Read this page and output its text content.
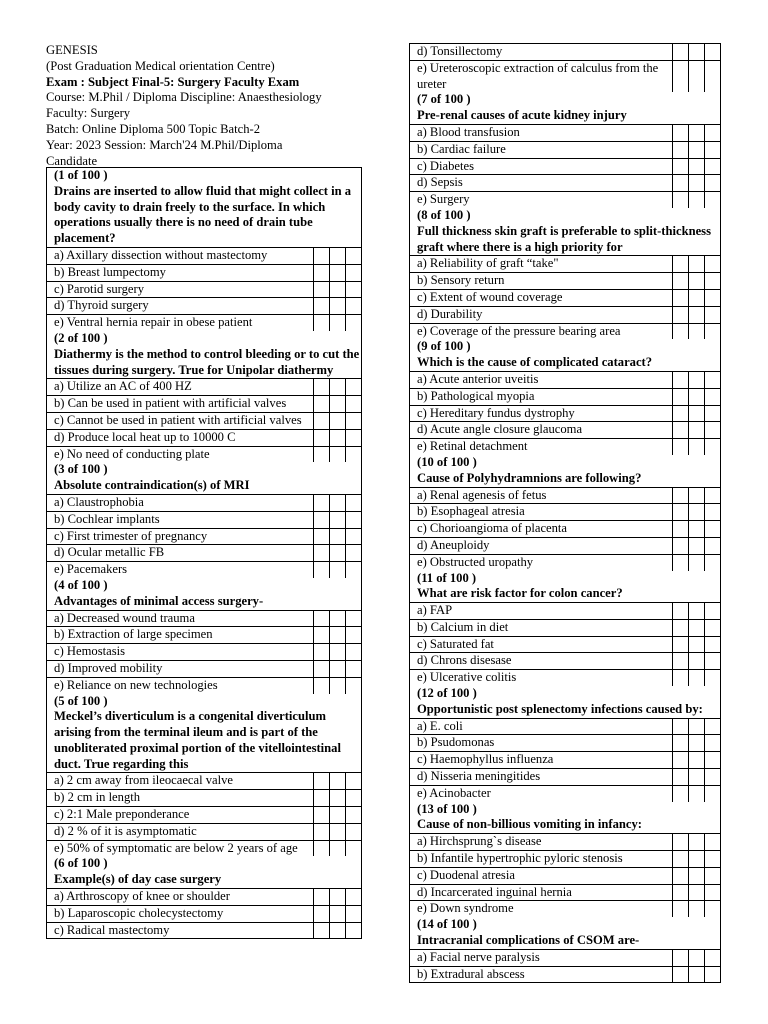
GENESIS
(Post Graduation Medical orientation Centre)
Exam : Subject Final-5: Surgery Faculty Exam
Course: M.Phil / Diploma Discipline: Anaesthesiology
Faculty: Surgery
Batch: Online Diploma 500 Topic Batch-2
Year: 2023 Session: March'24 M.Phil/Diploma
Candidate
(1 of 100 )
Drains are inserted to allow fluid that might collect in a body cavity to drain freely to the surface. In which operations usually there is no need of drain tube placement?
a) Axillary dissection without mastectomy
b) Breast lumpectomy
c) Parotid surgery
d) Thyroid surgery
e) Ventral hernia repair in obese patient
(2 of 100 )
Diathermy is the method to control bleeding or to cut the tissues during surgery. True for Unipolar diathermy
a) Utilize an AC of 400 HZ
b) Can be used in patient with artificial valves
c) Cannot be used in patient with artificial valves
d) Produce local heat up to 10000 C
e) No need of conducting plate
(3 of 100 )
Absolute contraindication(s) of MRI
a) Claustrophobia
b) Cochlear implants
c) First trimester of pregnancy
d) Ocular metallic FB
e) Pacemakers
(4 of 100 )
Advantages of minimal access surgery-
a) Decreased wound trauma
b) Extraction of large specimen
c) Hemostasis
d) Improved mobility
e) Reliance on new technologies
(5 of 100 )
Meckel’s diverticulum is a congenital diverticulum arising from the terminal ileum and is part of the unobliterated proximal portion of the vitellointestinal duct. True regarding this
a) 2 cm away from ileocaecal valve
b) 2 cm in length
c) 2:1 Male preponderance
d) 2 % of it is asymptomatic
e) 50% of symptomatic are below 2 years of age
(6 of 100 )
Example(s) of day case surgery
a) Arthroscopy of knee or shoulder
b) Laparoscopic cholecystectomy
c) Radical mastectomy
d) Tonsillectomy
e) Ureteroscopic extraction of calculus from the ureter
(7 of 100 )
Pre-renal causes of acute kidney injury
a) Blood transfusion
b) Cardiac failure
c) Diabetes
d) Sepsis
e) Surgery
(8 of 100 )
Full thickness skin graft is preferable to split-thickness graft where there is a high priority for
a) Reliability of graft “take"
b) Sensory return
c) Extent of wound coverage
d) Durability
e) Coverage of the pressure bearing area
(9 of 100 )
Which is the cause of complicated cataract?
a) Acute anterior uveitis
b) Pathological myopia
c) Hereditary fundus dystrophy
d) Acute angle closure glaucoma
e) Retinal detachment
(10 of 100 )
Cause of Polyhydramnions are following?
a) Renal agenesis of fetus
b) Esophageal atresia
c) Chorioangioma of placenta
d) Aneuploidy
e) Obstructed uropathy
(11 of 100 )
What are risk factor for colon cancer?
a) FAP
b) Calcium in diet
c) Saturated fat
d) Chrons disesase
e) Ulcerative colitis
(12 of 100 )
Opportunistic post splenectomy infections caused by:
a) E. coli
b) Psudomonas
c) Haemophyllus influenza
d) Nisseria meningitides
e) Acinobacter
(13 of 100 )
Cause of non-billious vomiting in infancy:
a) Hirchsprung`s disease
b) Infantile hypertrophic pyloric stenosis
c) Duodenal atresia
d) Incarcerated inguinal hernia
e) Down syndrome
(14 of 100 )
Intracranial complications of CSOM are-
a) Facial nerve paralysis
b) Extradural abscess
